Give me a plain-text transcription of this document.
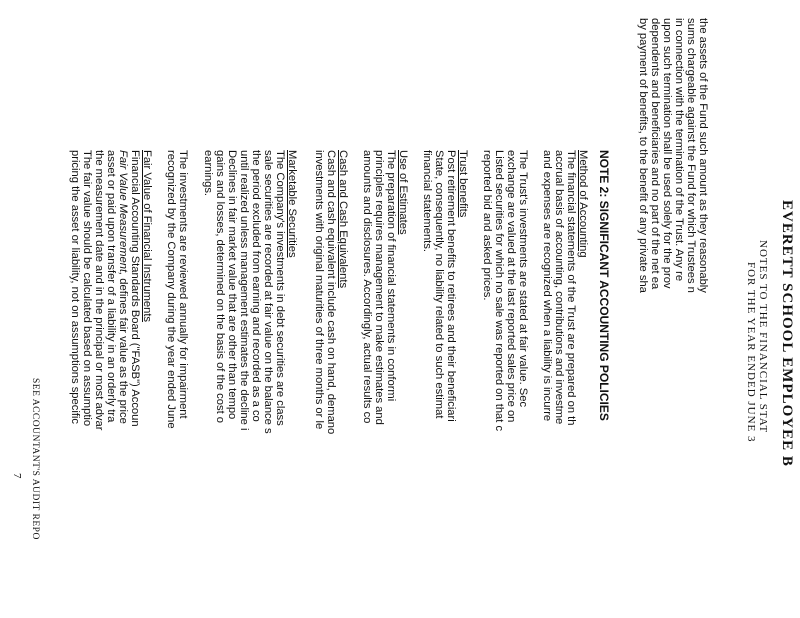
EVERETT SCHOOL EMPLOYEE B
NOTES TO THE FINANCIAL STAT
FOR THE YEAR ENDED JUNE 3
the assets of the Fund such amount as they reasonably
sums chargeable against the Fund for which Trustees n
in connection with the termination of the Trust. Any re
upon such termination shall be used solely for the prov
dependents and beneficiaries and no part of the net ea
by payment of benefits, to the benefit of any private sha
NOTE 2: SIGNIFICANT ACCOUNTING POLICIES
Method of Accounting
The financial statements of the Trust are prepared on th
accrual basis of accounting, contributions and investme
and expenses are recognized when a liability is incurre
The Trust's investments are stated at fair value. Sec
exchange are valued at the last reported sales price on
Listed securities for which no sale was reported on that c
reported bid and asked prices.
Trust benefits
Post retirement benefits to retirees and their beneficiari
State, consequently, no liability related to such estimat
financial statements.
Use of Estimates
The preparation of financial statements in conformi
principles requires management to make estimates and
amounts and disclosures. Accordingly, actual results co
Cash and Cash Equivalents
Cash and cash equivalent include cash on hand, demano
investments with original maturities of three months or le
Marketable Securities
The Company's investments in debt securities are class
sale securities are recorded at fair value on the balance s
the period excluded from earning and recorded as a co
until realized unless management estimates the decline i
Declines in fair market value that are other than tempo
gains and losses, determined on the basis of the cost o
earnings.
The investments are reviewed annually for impairment
recognized by the Company during the year ended June
Fair Value of Financial Instruments
Financial Accounting Standards Board ("FASB") Accoun
Fair Value Measurement, defines fair value as the price
asset or paid upon transfer of a liability in an orderly tra
the measurement date and in the principal or most advar
The fair value should be calculated based on assumptio
pricing the asset or liability, not on assumptions specific
SEE ACCOUNTANT'S AUDIT REPO
7
